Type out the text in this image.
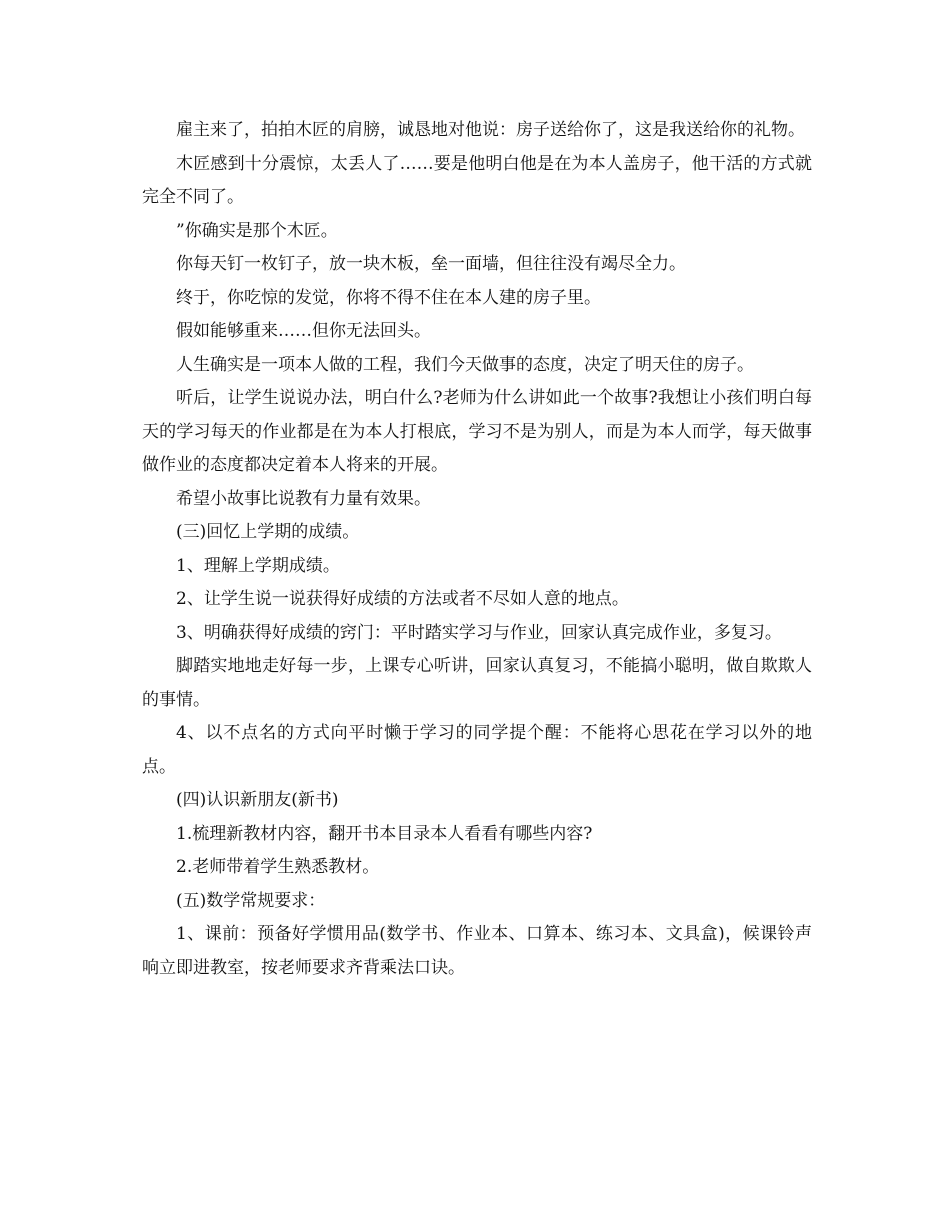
雇主来了，拍拍木匠的肩膀，诚恳地对他说：房子送给你了，这是我送给你的礼物。

木匠感到十分震惊，太丢人了……要是他明白他是在为本人盖房子，他干活的方式就完全不同了。

”你确实是那个木匠。

你每天钉一枚钉子，放一块木板，垒一面墙，但往往没有竭尽全力。

终于，你吃惊的发觉，你将不得不住在本人建的房子里。

假如能够重来……但你无法回头。

人生确实是一项本人做的工程，我们今天做事的态度，决定了明天住的房子。

听后，让学生说说办法，明白什么?老师为什么讲如此一个故事?我想让小孩们明白每天的学习每天的作业都是在为本人打根底，学习不是为别人，而是为本人而学，每天做事做作业的态度都决定着本人将来的开展。

希望小故事比说教有力量有效果。

(三)回忆上学期的成绩。

1、理解上学期成绩。

2、让学生说一说获得好成绩的方法或者不尽如人意的地点。

3、明确获得好成绩的窍门：平时踏实学习与作业，回家认真完成作业，多复习。

脚踏实地地走好每一步，上课专心听讲，回家认真复习，不能搞小聪明，做自欺欺人的事情。

4、以不点名的方式向平时懒于学习的同学提个醒：不能将心思花在学习以外的地点。

(四)认识新朋友(新书)

1.梳理新教材内容，翻开书本目录本人看看有哪些内容?

2.老师带着学生熟悉教材。

(五)数学常规要求：

1、课前：预备好学惯用品(数学书、作业本、口算本、练习本、文具盒)，候课铃声响立即进教室，按老师要求齐背乘法口诀。
